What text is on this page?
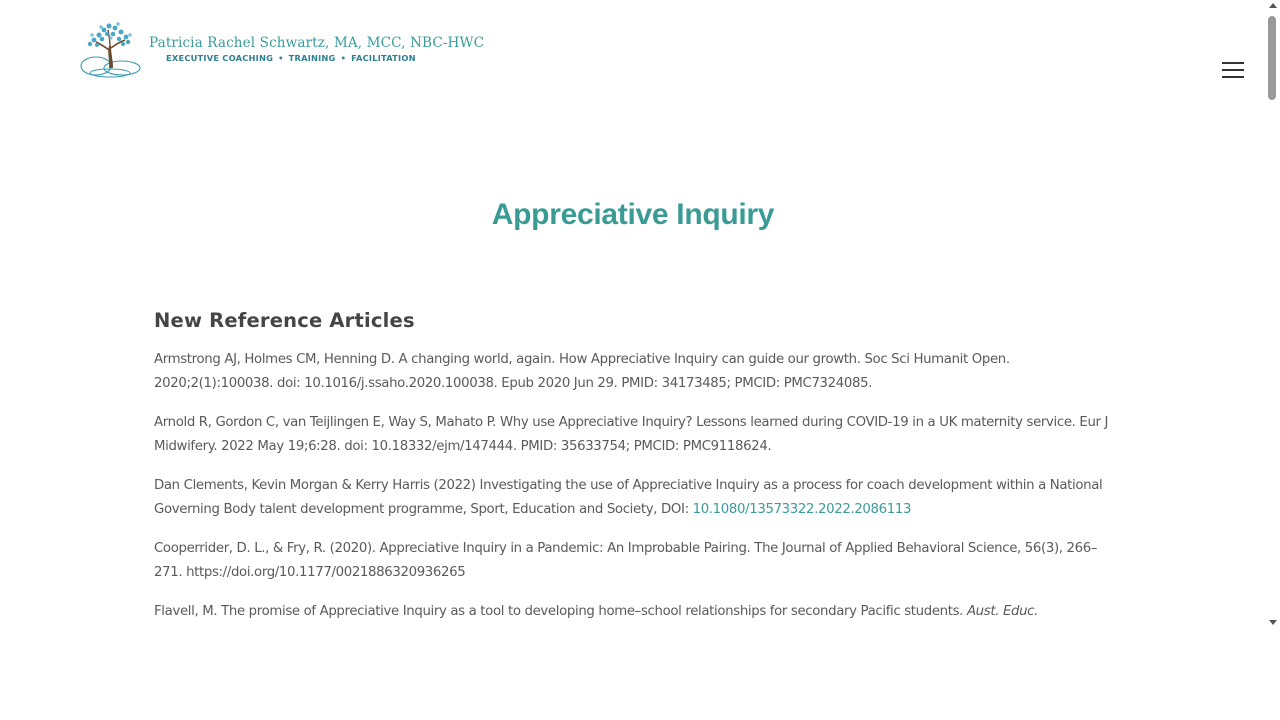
Patricia Rachel Schwartz, MA, MCC, NBC-HWC
EXECUTIVE COACHING • TRAINING • FACILITATION
Appreciative Inquiry
New Reference Articles

Armstrong AJ, Holmes CM, Henning D. A changing world, again. How Appreciative Inquiry can guide our growth. Soc Sci Humanit Open. 2020;2(1):100038. doi: 10.1016/j.ssaho.2020.100038. Epub 2020 Jun 29. PMID: 34173485; PMCID: PMC7324085.

Arnold R, Gordon C, van Teijlingen E, Way S, Mahato P. Why use Appreciative Inquiry? Lessons learned during COVID-19 in a UK maternity service. Eur J Midwifery. 2022 May 19;6:28. doi: 10.18332/ejm/147444. PMID: 35633754; PMCID: PMC9118624.

Dan Clements, Kevin Morgan & Kerry Harris (2022) Investigating the use of Appreciative Inquiry as a process for coach development within a National Governing Body talent development programme, Sport, Education and Society, DOI: 10.1080/13573322.2022.2086113

Cooperrider, D. L., & Fry, R. (2020). Appreciative Inquiry in a Pandemic: An Improbable Pairing. The Journal of Applied Behavioral Science, 56(3), 266–271. https://doi.org/10.1177/0021886320936265

Flavell, M. The promise of Appreciative Inquiry as a tool to developing home–school relationships for secondary Pacific students. Aust. Educ.
